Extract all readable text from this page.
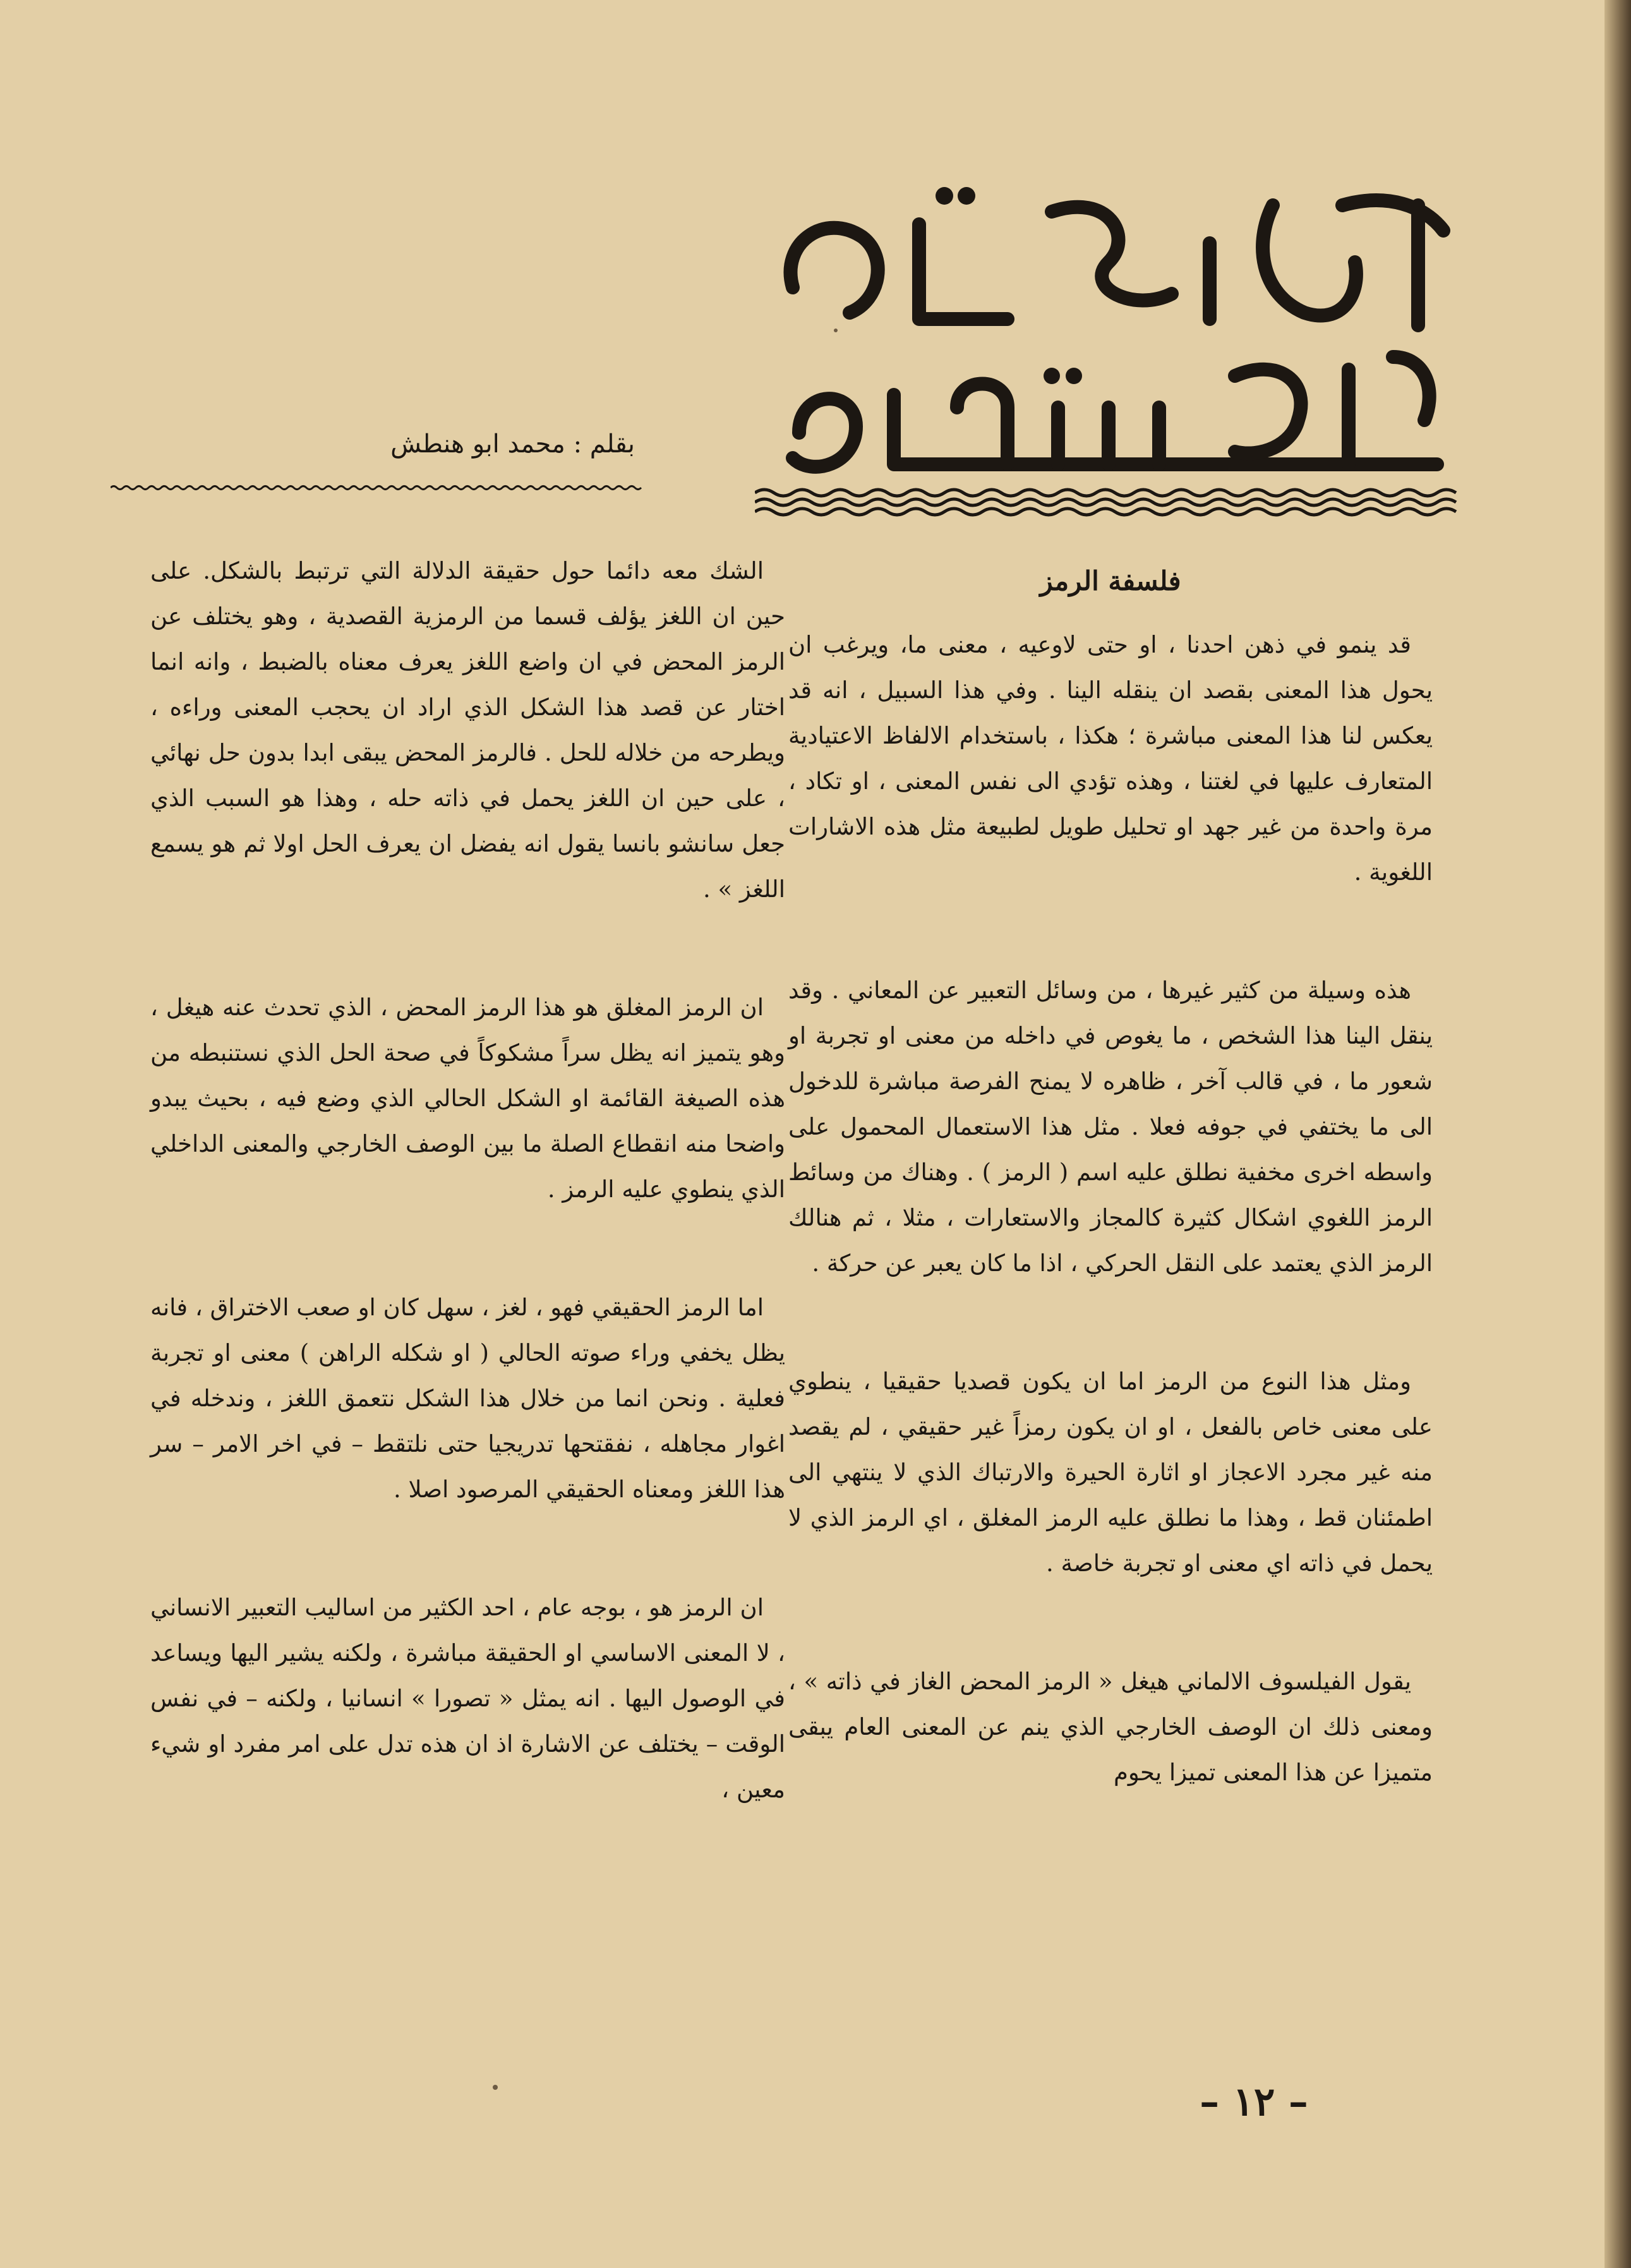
بقلم : محمد ابو هنطش
فلسفة الرمز

قد ينمو في ذهن احدنا ، او حتى لاوعيه ، معنى ما، ويرغب ان يحول هذا المعنى بقصد ان ينقله الينا . وفي هذا السبيل ، انه قد يعكس لنا هذا المعنى مباشرة ؛ هكذا ، باستخدام الالفاظ الاعتيادية المتعارف عليها في لغتنا ، وهذه تؤدي الى نفس المعنى ، او تكاد ، مرة واحدة من غير جهد او تحليل طويل لطبيعة مثل هذه الاشارات اللغوية .

هذه وسيلة من كثير غيرها ، من وسائل التعبير عن المعاني . وقد ينقل الينا هذا الشخص ، ما يغوص في داخله من معنى او تجربة او شعور ما ، في قالب آخر ، ظاهره لا يمنح الفرصة مباشرة للدخول الى ما يختفي في جوفه فعلا . مثل هذا الاستعمال المحمول على واسطه اخرى مخفية نطلق عليه اسم ( الرمز ) . وهناك من وسائط الرمز اللغوي اشكال كثيرة كالمجاز والاستعارات ، مثلا ، ثم هنالك الرمز الذي يعتمد على النقل الحركي ، اذا ما كان يعبر عن حركة .

ومثل هذا النوع من الرمز اما ان يكون قصديا حقيقيا ، ينطوي على معنى خاص بالفعل ، او ان يكون رمزاً غير حقيقي ، لم يقصد منه غير مجرد الاعجاز او اثارة الحيرة والارتباك الذي لا ينتهي الى اطمئنان قط ، وهذا ما نطلق عليه الرمز المغلق ، اي الرمز الذي لا يحمل في ذاته اي معنى او تجربة خاصة .

يقول الفيلسوف الالماني هيغل « الرمز المحض الغاز في ذاته » ، ومعنى ذلك ان الوصف الخارجي الذي ينم عن المعنى العام يبقى متميزا عن هذا المعنى تميزا يحوم

الشك معه دائما حول حقيقة الدلالة التي ترتبط بالشكل. على حين ان اللغز يؤلف قسما من الرمزية القصدية ، وهو يختلف عن الرمز المحض في ان واضع اللغز يعرف معناه بالضبط ، وانه انما اختار عن قصد هذا الشكل الذي اراد ان يحجب المعنى وراءه ، ويطرحه من خلاله للحل . فالرمز المحض يبقى ابدا بدون حل نهائي ، على حين ان اللغز يحمل في ذاته حله ، وهذا هو السبب الذي جعل سانشو بانسا يقول انه يفضل ان يعرف الحل اولا ثم هو يسمع اللغز » .

ان الرمز المغلق هو هذا الرمز المحض ، الذي تحدث عنه هيغل ، وهو يتميز انه يظل سراً مشكوكاً في صحة الحل الذي نستنبطه من هذه الصيغة القائمة او الشكل الحالي الذي وضع فيه ، بحيث يبدو واضحا منه انقطاع الصلة ما بين الوصف الخارجي والمعنى الداخلي الذي ينطوي عليه الرمز .

اما الرمز الحقيقي فهو ، لغز ، سهل كان او صعب الاختراق ، فانه يظل يخفي وراء صوته الحالي ( او شكله الراهن ) معنى او تجربة فعلية . ونحن انما من خلال هذا الشكل نتعمق اللغز ، وندخله في اغوار مجاهله ، نفقتحها تدريجيا حتى نلتقط – في اخر الامر – سر هذا اللغز ومعناه الحقيقي المرصود اصلا .

ان الرمز هو ، بوجه عام ، احد الكثير من اساليب التعبير الانساني ، لا المعنى الاساسي او الحقيقة مباشرة ، ولكنه يشير اليها ويساعد في الوصول اليها . انه يمثل « تصورا » انسانيا ، ولكنه – في نفس الوقت – يختلف عن الاشارة اذ ان هذه تدل على امر مفرد او شيء معين ،

– ١٢ –
